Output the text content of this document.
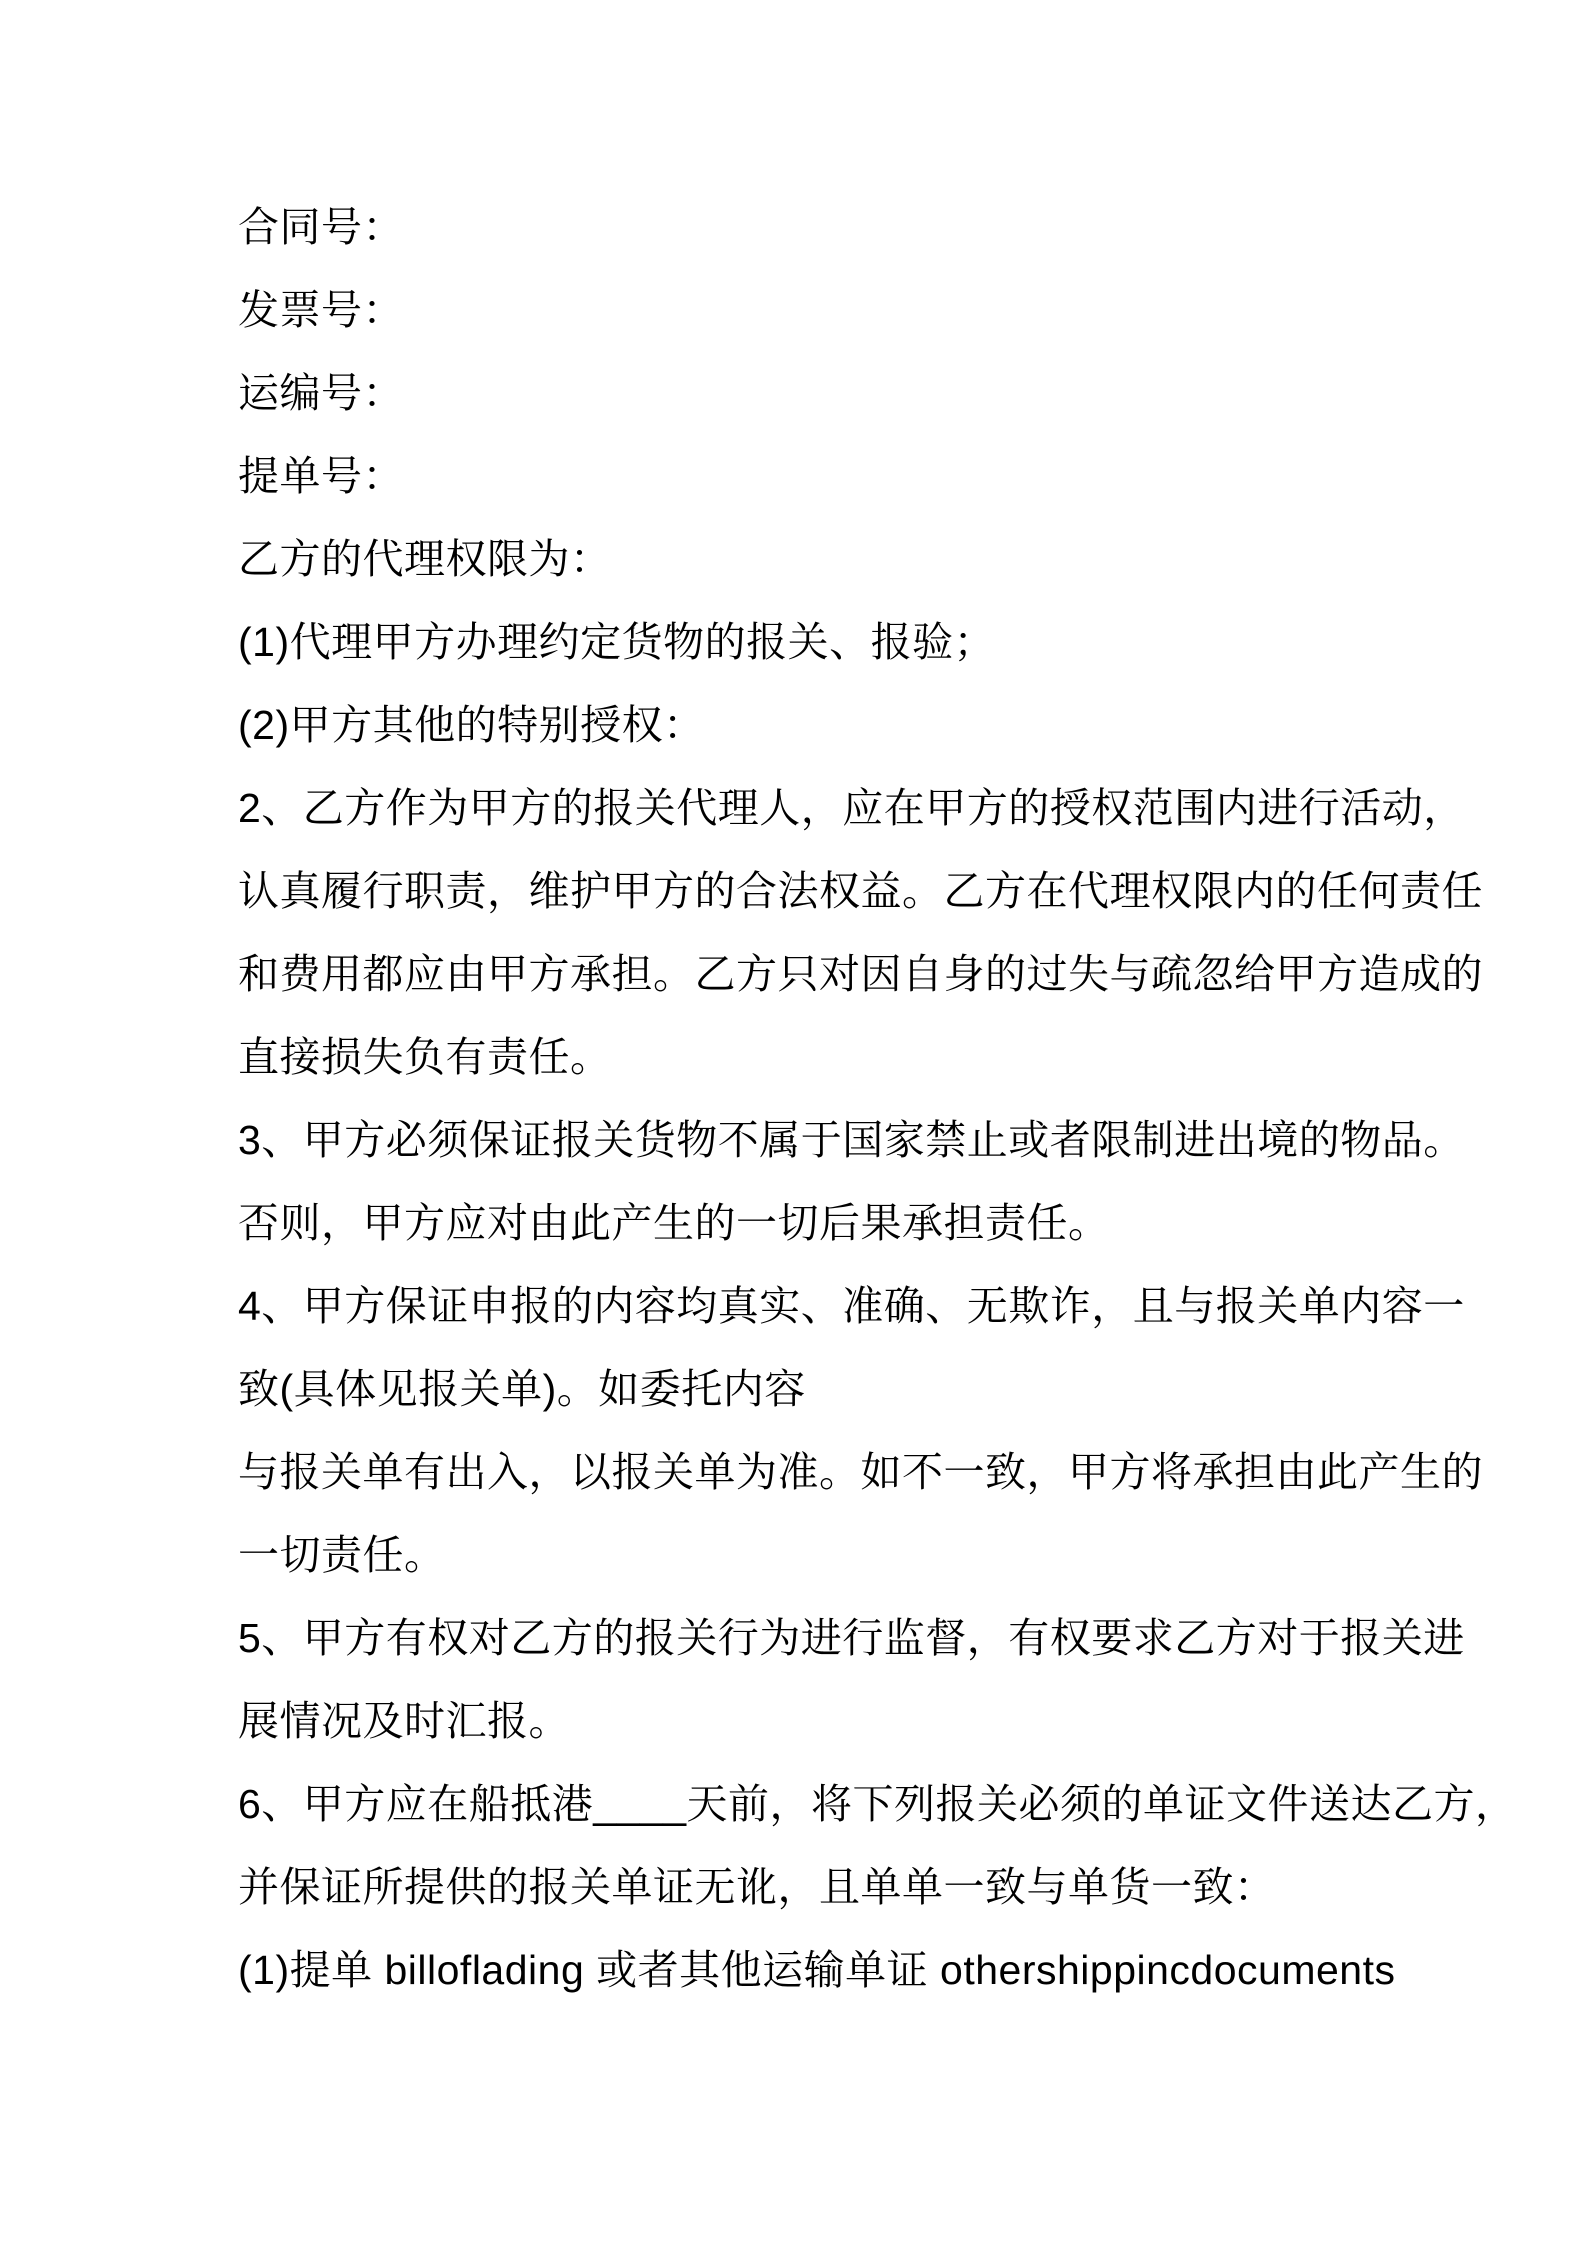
合同号：

发票号：

运编号：

提单号：

乙方的代理权限为：

(1)代理甲方办理约定货物的报关、报验；

(2)甲方其他的特别授权：

2、乙方作为甲方的报关代理人，应在甲方的授权范围内进行活动，

认真履行职责，维护甲方的合法权益。乙方在代理权限内的任何责任

和费用都应由甲方承担。乙方只对因自身的过失与疏忽给甲方造成的

直接损失负有责任。

3、甲方必须保证报关货物不属于国家禁止或者限制进出境的物品。

否则，甲方应对由此产生的一切后果承担责任。

4、甲方保证申报的内容均真实、准确、无欺诈，且与报关单内容一

致(具体见报关单)。如委托内容

与报关单有出入，以报关单为准。如不一致，甲方将承担由此产生的

一切责任。

5、甲方有权对乙方的报关行为进行监督，有权要求乙方对于报关进

展情况及时汇报。

6、甲方应在船抵港____天前，将下列报关必须的单证文件送达乙方，

并保证所提供的报关单证无讹，且单单一致与单货一致：

(1)提单 billoflading 或者其他运输单证 othershippincdocuments
